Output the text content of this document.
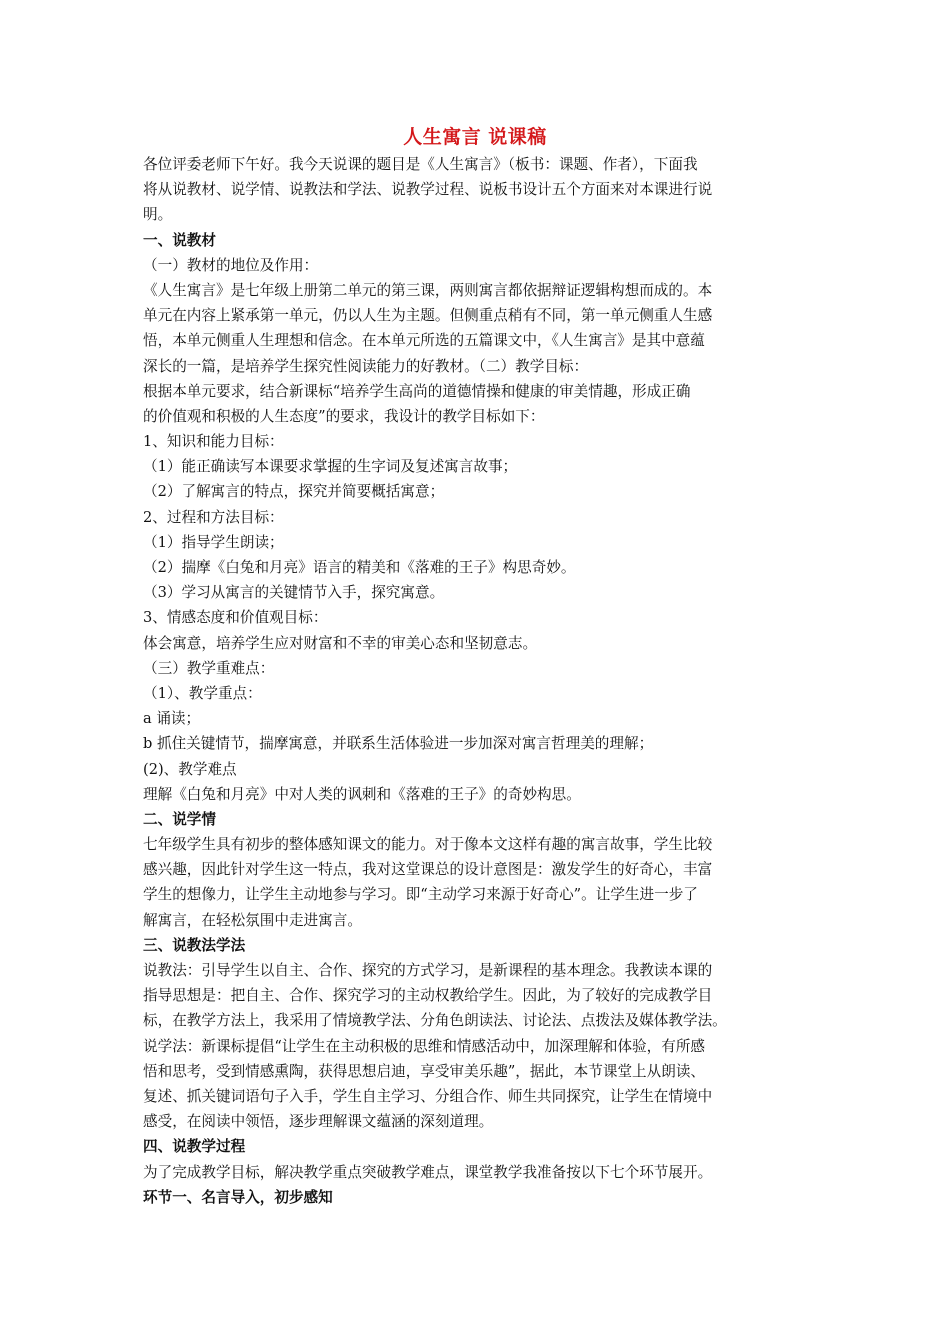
人生寓言 说课稿
各位评委老师下午好。我今天说课的题目是《人生寓言》（板书：课题、作者），下面我
将从说教材、说学情、说教法和学法、说教学过程、说板书设计五个方面来对本课进行说
明。
一、说教材
（一）教材的地位及作用：
《人生寓言》是七年级上册第二单元的第三课，两则寓言都依据辩证逻辑构想而成的。本
单元在内容上紧承第一单元，仍以人生为主题。但侧重点稍有不同，第一单元侧重人生感
悟，本单元侧重人生理想和信念。在本单元所选的五篇课文中，《人生寓言》是其中意蕴
深长的一篇，是培养学生探究性阅读能力的好教材。（二）教学目标：
根据本单元要求，结合新课标“培养学生高尚的道德情操和健康的审美情趣，形成正确
的价值观和积极的人生态度”的要求，我设计的教学目标如下：
1、知识和能力目标：
（1）能正确读写本课要求掌握的生字词及复述寓言故事；
（2）了解寓言的特点，探究并简要概括寓意；
2、过程和方法目标：
（1）指导学生朗读；
（2）揣摩《白兔和月亮》语言的精美和《落难的王子》构思奇妙。
（3）学习从寓言的关键情节入手，探究寓意。
3、情感态度和价值观目标：
体会寓意，培养学生应对财富和不幸的审美心态和坚韧意志。
（三）教学重难点：
（1）、教学重点：
a 诵读；
b 抓住关键情节，揣摩寓意，并联系生活体验进一步加深对寓言哲理美的理解；
(2)、教学难点
理解《白兔和月亮》中对人类的讽刺和《落难的王子》的奇妙构思。
二、说学情
七年级学生具有初步的整体感知课文的能力。对于像本文这样有趣的寓言故事，学生比较
感兴趣，因此针对学生这一特点，我对这堂课总的设计意图是：激发学生的好奇心，丰富
学生的想像力，让学生主动地参与学习。即“主动学习来源于好奇心”。让学生进一步了
解寓言，在轻松氛围中走进寓言。
三、说教法学法
说教法：引导学生以自主、合作、探究的方式学习，是新课程的基本理念。我教读本课的
指导思想是：把自主、合作、探究学习的主动权教给学生。因此，为了较好的完成教学目
标，在教学方法上，我采用了情境教学法、分角色朗读法、讨论法、点拨法及媒体教学法。
说学法：新课标提倡“让学生在主动积极的思维和情感活动中，加深理解和体验，有所感
悟和思考，受到情感熏陶，获得思想启迪，享受审美乐趣”，据此，本节课堂上从朗读、
复述、抓关键词语句子入手，学生自主学习、分组合作、师生共同探究，让学生在情境中
感受，在阅读中领悟，逐步理解课文蕴涵的深刻道理。
四、说教学过程
为了完成教学目标，解决教学重点突破教学难点，课堂教学我准备按以下七个环节展开。
环节一、名言导入，初步感知
